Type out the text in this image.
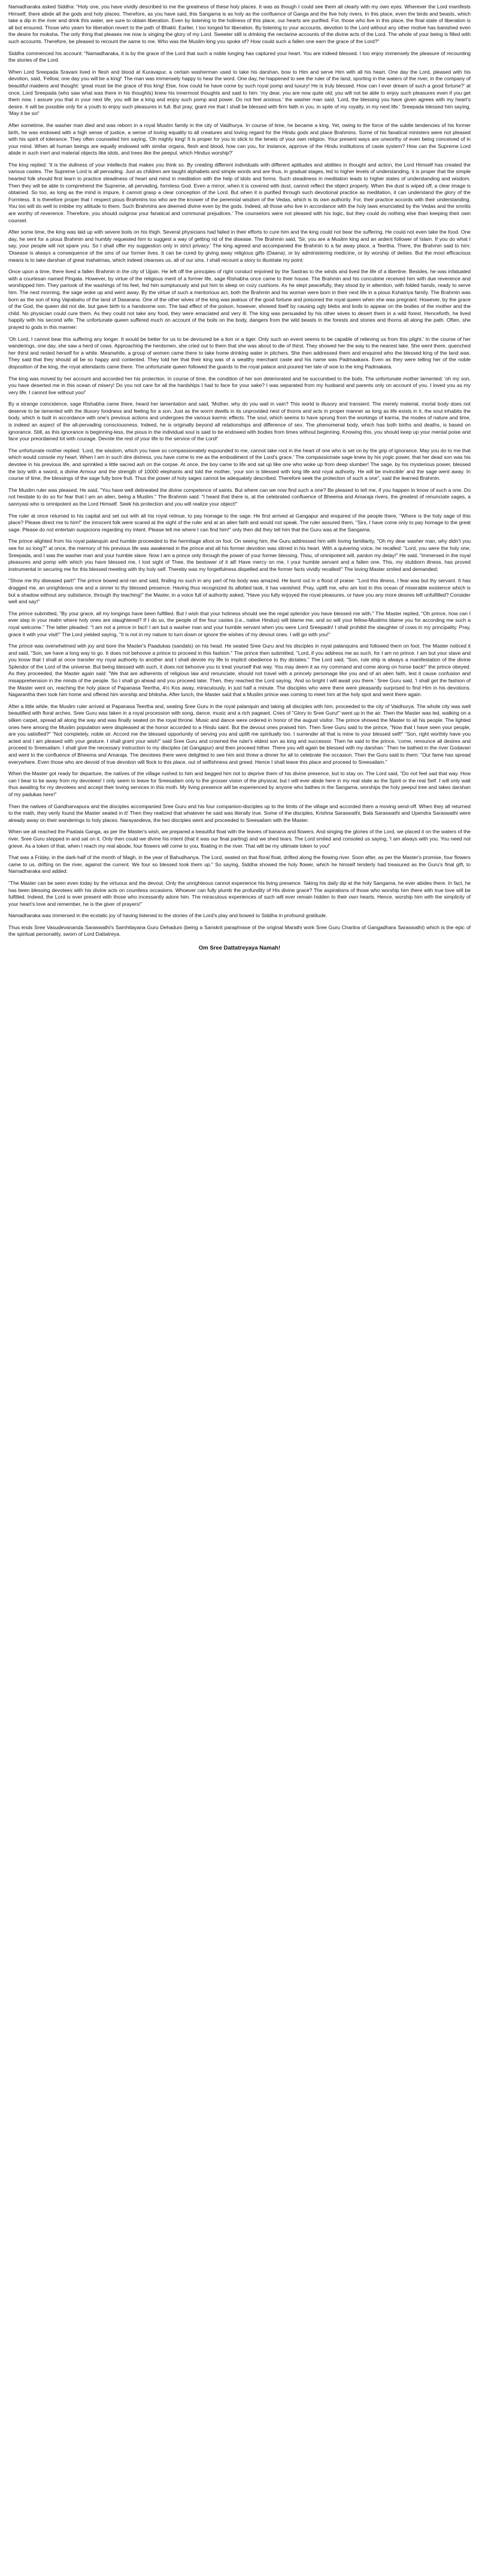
Namadharaka asked Siddha: "Holy one, you have vividly described to me the greatness of these holy places. It was as though I could see them all clearly with my own eyes. Wherever the Lord manifests Himself, there abide all the gods and holy places. Therefore, as you have said, this Sangama is as holy as the confluence of Ganga and the five holy rivers. In this place, even the birds and beasts, which take a dip in the river and drink this water, are sure to obtain liberation. Even by listening to the holiness of this place, our hearts are purified. For, those who live in this place, the final state of liberation is all but ensured. Those who yearn for liberation revert to the path of Bhakti. Earlier, I too longed for liberation. By listening to your accounts, devotion to the Lord without any other motive has banished even the desire for moksha. The only thing that pleases me now is singing the glory of my Lord. Sweeter still is drinking the nectarine accounts of the divine acts of the Lord. The whole of your being is filled with such accounts. Therefore, be pleased to recount the same to me. Who was the Muslim king you spoke of? How could such a fallen one earn the grace of the Lord?"

Siddha commenced his account: "Namadharaka, it is by the grace of the Lord that such a noble longing has captured your heart. You are indeed blessed. I too enjoy immensely the pleasure of recounting the stories of the Lord.

When Lord Sreepada Sravani lived in flesh and blood at Kuravapur, a certain washerman used to take his darshan, bow to Him and serve Him with all his heart. One day the Lord, pleased with his devotion, said, 'Fellow, one day you will be a king!' The man was immensely happy to hear the word. One day, he happened to see the ruler of the land, sporting in the waters of the river, in the company of beautiful maidens and thought: 'great must be the grace of this king! Else, how could he have come by such royal pomp and luxury! He is truly blessed. How can I ever dream of such a good fortune?' at once, Lord Sreepada (who saw what was there in his thoughts) knew his innermost thoughts and said to him: 'my dear, you are now quite old; you will not be able to enjoy such pleasures even if you get them now. I assure you that in your next life, you will be a king and enjoy such pomp and power. Do not feel anxious.' the washer man said, 'Lord, the blessing you have given agrees with my heart's desire. It will be possible only for a youth to enjoy such pleasures in full. But pray, grant me that I shall be blessed with firm faith in you, in spite of my royalty, in my next life.' Sreepada blessed him saying, 'May it be so!'

After sometime, the washer man died and was reborn in a royal Muslim family in the city of Vaidhurya. In course of time, he became a king. Yet, owing to the force of the subtle tendencies of his former birth, he was endowed with a high sense of justice, a sense of loving equality to all creatures and loving regard for the Hindu gods and place Brahmins. Some of his fanatical ministers were not pleased with his spirit of tolerance. They often counseled him saying, 'Oh mighty king! It is proper for you to stick to the tenets of your own religion. Your present ways are unworthy of even being conceived of in your mind. When all human beings are equally endowed with similar organs, flesh and blood, how can you, for instance, approve of the Hindu institutions of caste system? How can the Supreme Lord abide in such inert and material objects like idols, and trees like the peepul, which Hindus worship?'

The king replied: 'It is the dullness of your intellects that makes you think so. By creating different individuals with different aptitudes and abilities in thought and action, the Lord Himself has created the various castes. The Supreme Lord is all pervading. Just as children are taught alphabets and simple words and are thus, in gradual stages, led to higher levels of understanding, it is proper that the simple hearted folk should first learn to practice steadiness of heart and mind in meditation with the help of idols and forms. Such steadiness in meditation leads to higher states of understanding and wisdom. Then they will be able to comprehend the Supreme, all pervading, formless God. Even a mirror, when it is covered with dust, cannot reflect the object properly. When the dust is wiped off, a clear image is obtained. So too, as long as the mind is impure, it cannot grasp a clear conception of the Lord. But when it is purified through such devotional practice as meditation, it can understand the glory of the Formless. It is therefore proper that I respect pious Brahmins too who are the knower of the perennial wisdom of the Vedas, which is its own authority. For, their practice accords with their understanding. You too will do well to imbibe my attitude to them. Such Brahmins are deemed divine even by the gods. Indeed, all those who live in accordance with the holy laws enunciated by the Vedas and the smritis are worthy of reverence. Therefore, you should outgrow your fanatical and communal prejudices.' The counselors were not pleased with his logic, but they could do nothing else than keeping their own counsel.

After some time, the king was laid up with severe boils on his thigh. Several physicians had failed in their efforts to cure him and the king could not bear the suffering. He could not even take the food. One day, he sent for a pious Brahmin and humbly requested him to suggest a way of getting rid of the disease. The Brahmin said, 'Sir, you are a Muslim king and an ardent follower of Islam. If you do what I say, your people will not spare you. So I shall offer my suggestion only in strict privacy.' The king agreed and accompanied the Brahmin to a far away place, a Teertha. There, the Brahmin said to him: 'Disease is always a consequence of the sins of our former lives. It can be cured by giving away religious gifts (Daana), or by administering medicine, or by worship of deities. But the most efficacious means is to take darshan of great mahatmas, which indeed cleanses us, all of our sins. I shall recount a story to illustrate my point:

Once upon a time, there lived a fallen Brahmin in the city of Ujjain. He left off the principles of right conduct enjoined by the Sastras to the winds and lived the life of a libertine. Besides, he was infatuated with a courtesan named Pingala. However, by virtue of the religious merit of a former life, sage Rishabha once came to their house. The Brahmin and his concubine received him with due reverence and worshipped him. They partook of the washings of his feet, fed him sumptuously and put him to sleep on cozy cushions. As he slept peacefully, they stood by in attention, with folded hands, ready to serve him. The next morning, the sage woke up and went away. By the virtue of such a meritorious act, both the Brahmin and his woman were born in their next life in a pious Kshatriya family. The Brahmin was born as the son of king Vajrabahu of the land of Dasarana. One of the other wives of the king was jealous of the good fortune and poisoned the royal queen when she was pregnant. However, by the grace of the God, the queen did not die, but gave birth to a handsome son. The bad effect of the poison, however, showed itself by causing ugly blebs and boils to appear on the bodies of the mother and the child. No physician could cure them. As they could not take any food, they were emaciated and very ill. The king was persuaded by his other wives to desert them in a wild forest. Henceforth, he lived happily with his second wife. The unfortunate queen suffered much on account of the boils on the body, dangers from the wild beasts in the forests and stones and thorns all along the path. Often, she prayed to gods in this manner:

'Oh Lord, I cannot bear this suffering any longer. It would be better for us to be devoured be a lion or a tiger. Only such an event seems to be capable of relieving us from this plight.' In the course of her wanderings, one day, she saw a herd of cows. Approaching the herdsmen, she cried out to them that she was about to die of thirst. They showed her the way to the nearest lake. She went there, quenched her thirst and rested herself for a while. Meanwhile, a group of women came there to take home drinking water in pitchers. She then addressed them and enquired who the blessed king of the land was. They said that they should all be so happy and contented. They told her that their king was of a wealthy merchant caste and his name was Padmaakara. Even as they were telling her of the noble disposition of the king, the royal attendants came there. The unfortunate queen followed the guards to the royal palace and poured her tale of woe to the king Padmakara.

The king was moved by her account and accorded her his protection. In course of time, the condition of her son deteriorated and he succumbed to the boils. The unfortunate mother lamented: 'oh my son, you have deserted me in this ocean of misery! Do you not care for all the hardships I had to face for your sake? I was separated from my husband and parents only on account of you. I loved you as my very life. I cannot live without you!'

By a strange coincidence, sage Rishabha came there, heard her lamentation and said, 'Mother, why do you wail in vain? This world is illusory and transient. The merely material, mortal body does not deserve to be lamented with the illusory fondness and feeling for a son. Just as the worm dwells in its unprovided nest of thorns and acts in proper manner as long as life exists in it, the soul inhabits the body, which is built in accordance with one's previous actions and undergoes the various karmic effects. The soul, which seems to have sprung from the workings of karma, the modes of nature and time, is indeed an aspect of the all-pervading consciousness. Indeed, he is originally beyond all relationships and difference of sex. The phenomenal body, which has both births and deaths, is based on ignorance. Still, as this ignorance is beginning-less, the pious in the individual soul is said to be endowed with bodies from times without beginning. Knowing this, you should keep up your mental poise and face your preordained lot with courage. Devote the rest of your life to the service of the Lord!'

The unfortunate mother replied: 'Lord, the wisdom, which you have so compassionately expounded to me, cannot take root in the heart of one who is set on by the grip of ignorance. May you do to me that which would console my heart. When I am in such dire distress, you have come to me as the embodiment of the Lord's grace.' The compassionate sage knew by his yogic power, that her dead son was his devotee in his previous life, and sprinkled a little sacred ash on the corpse. At once, the boy came to life and sat up like one who woke up from deep slumber! The sage, by his mysterious power, blessed the boy with a sword, a divine Armour and the strength of 10000 elephants and told the mother, 'your son is blessed with long life and royal authority. He will be invincible' and the sage went away. In course of time, the blessings of the sage fully bore fruit. Thus the power of holy sages cannot be adequately described. Therefore seek the protection of such a one", said the learned Brahmin.

The Muslim ruler was pleased. He said, "You have well delineated the divine competence of saints. But where can we now find such a one? Be pleased to tell me, if you happen to know of such a one. Do not hesitate to do so for fear that I am an alien, being a Muslim." The Brahmin said: "I heard that there is, at the celebrated confluence of Bheema and Amaraja rivers, the greatest of renunciate sages, a sannyasi who is omnipotent as the Lord Himself. Seek his protection and you will realize your object!"

The ruler at once returned to his capital and set out with all his royal retinue, to pay homage to the sage. He first arrived at Gangapur and enquired of the people there, "Where is the holy sage of this place? Please direct me to him!" the innocent folk were scared at the sight of the ruler and at an alien faith and would not speak. The ruler assured them, "Sirs, I have come only to pay homage to the great sage. Please do not entertain suspicions regarding my intent. Please tell me where I can find him!" only then did they tell him that the Guru was at the Sangama.

The prince alighted from his royal palanquin and humble proceeded to the hermitage afoot on foot. On seeing him, the Guru addressed him with loving familiarity, "Oh my dear washer man, why didn't you see for so long?" at once, the memory of his previous life was awakened in the prince and all his former devotion was stirred in his heart. With a quivering voice, he recalled: "Lord, you were the holy one, Sreepada, and I was the washer man and your humble slave. Now I am a prince only through the power of your former blessing. Thou, of omnipotent will, pardon my delay!" He said, "Immersed in the royal pleasures and pomp with which you have blessed me, I lost sight of Thee, the bestower of it all! Have mercy on me, I your humble servant and a fallen one. This, my stubborn illness, has proved instrumental in securing me for this blessed meeting with thy holy self. Thereby was my forgetfulness dispelled and the former facts vividly recalled!" The loving Master smiled and demanded;

"Show me thy diseased part!" The prince bowed and ran and said, finding no such in any part of his body was amazed. He burst out in a flood of praise: "Lord this illness, I fear was but thy servant. It has dragged me, an unrighteous one and a sinner to thy blessed presence. Having thus recognized its allotted task, it has vanished. Pray, uplift me, who am lost in this ocean of miserable existence which is but a shadow without any substance, through thy teaching!" the Master, in a voice full of authority asked, "Have you fully enjoyed the royal pleasures, or have you any more desires left unfulfilled? Consider well and say!"

The prince submitted, "By your grace, all my longings have been fulfilled. But I wish that your holiness should see the regal splendor you have blessed me with." The Master replied, "Oh prince, how can I ever step in your realm where holy ones are slaughtered? If I do so, the people of the four castes (i.e., native Hindus) will blame me, and so will your fellow-Muslims blame you for according me such a royal welcome." The latter pleaded: "I am not a prince in fact! I am but a washer man and your humble servant when you were Lord Sreepadn! I shall prohibit the slaughter of cows in my principality. Pray, grace it with your visit!" The Lord yielded saying, "It is not in my nature to turn down or ignore the wishes of my devout ones. I will go with you!"

The prince was overwhelmed with joy and bore the Master's Paadukas (sandals) on his head. He seated Sree Guru and his disciples in royal palanquins and followed them on foot. The Master noticed it and said, "Son, we have a long way to go. It does not behoove a prince to proceed in this fashion." The prince then submitted, "Lord, if you address me as such, for I am no prince. I am but your slave and you know that I shall at once transfer my royal authority to another and I shall devote my life to implicit obedience to thy dictates." The Lord said, "Son, rule ship is always a manifestation of the divine Splendor of the Lord of the universe. But being blessed with such, it does not behoove you to treat yourself that way. You may deem it as my command and come along on horse back!" the prince obeyed. As they proceeded, the Master again said: "We that are adherents of religious law and renunciate, should not travel with a princely personage like you and of an alien faith, lest it cause confusion and misapprehension in the minds of the people. So I shall go ahead and you proceed later. Then, they reached the Lord saying, 'And so bright I will await you there.' Sree Guru said, 'I shall get the fashion of the Master went on, reaching the holy place of Papanasa Teertha, 4½ Kos away, miraculously, in just half a minute. The disciples who were there were pleasantly surprised to find Him in his devotions. Nagarantha then took him home and offered him worship and bhiksha. After lunch, the Master said that a Muslim prince was coming to meet him at the holy spot and went there again.

After a little while, the Muslim ruler arrived at Papanasa Teertha and, seating Sree Guru in the royal palanquin and taking all disciples with him, proceeded to the city of Vaidhurya. The whole city was well beautified with floral arches. Sree Guru was taken in a royal procession with song, dance, music and a rich pageant. Cries of "Glory to Sree Guru!" went up in the air. Then the Master was led, walking on a silken carpet, spread all along the way and was finally seated on the royal throne. Music and dance were ordered in honor of the august visitor. The prince showed the Master to all his people. The lighted ones here among the Muslim population were displeased at the honor accorded to a Hindu saint. But the devout ones praised him. Then Sree Guru said to the prince, "Now that I have seen your people, are you satisfied?" "Not completely, noble sir. Accord me the blessed opportunity of serving you and uplift me spiritually too. I surrender all that is mine to your blessed self!" "Son, right worthily have you acted and I am pleased with your gesture. I shall grant your wish!" said Sree Guru and crowned the ruler's eldest son as king and successor. Then he said to the prince, 'come, renounce all desires and proceed to Sreesailam. I shall give the necessary instruction to my disciples (at Gangapur) and then proceed hither. There you will again be blessed with my darshan.' Then he bathed in the river Godavari and went to the confluence of Bheema and Amaraja. The devotees there were delighted to see him and threw a dinner for all to celebrate the occasion. Then the Guru said to them: "Our fame has spread everywhere. Even those who are devoid of true devotion will flock to this place, out of selfishness and greed. Hence I shall leave this place and proceed to Sreesailam."

When the Master got ready for departure, the natives of the village rushed to him and begged him not to deprive them of his divine presence, but to stay on. The Lord said, "Do not feel sad that way. How can I bear to be away from my devotees! I only seem to leave for Sreesailam only to the grosser vision of the physical, but I will ever abide here in my real state as the Spirit or the real Self. I will only wait thus awaiting for my devotees and accept their loving services in this moth. My living presence will be experienced by anyone who bathes in the Sangama, worships the holy peepul tree and takes darshan of my padukas here!"

Then the natives of Gandharvapura and the disciples accompanied Sree Guru and his four companion-disciples up to the limits of the village and accorded them a moving send-off. When they all returned to the math, they verily found the Master seated in it! Then they realized that whatever he said was literally true. Some of the disciples, Krishna Saraswathi, Bala Saraswathi and Upendra Saraswathi were already away on their wanderings to holy places. Narayandeva, the two disciples went and proceeded to Sreesailam with the Master.

When we all reached the Paatala Ganga, as per the Master's wish, we prepared a beautiful float with the leaves of banana and flowers. And singing the glories of the Lord, we placed it on the waters of the river. Sree Guru stepped in and sat on it. Only then could we divine his intent (that it was our final parting) and we shed tears. The Lord smiled and consoled us saying, 'I am always with you. You need not grieve. As a token of that, when I reach my real abode, four flowers will come to you, floating in the river. That will be my ultimate token to you!'

That was a Friday, in the dark-half of the month of Magh, in the year of Bahudhanya. The Lord, seated on that floral float, drifted along the flowing river. Soon after, as per the Master's promise, four flowers came to us, drifting on the river, against the current. We four so blessed took them up." So saying, Siddha showed the holy flower, which he himself tenderly had treasured as the Guru's final gift, to Namadharaka and added:

"The Master can be seen even today by the virtuous and the devout. Only the unrighteous cannot experience his living presence. Taking his daily dip at the holy Sangama, he ever abides there. In fact, he has been blessing devotees with his divine acts on countless occasions. Whoever can fully plumb the profundity of His divine grace? The aspirations of those who worship him there with true love will be fulfilled. Indeed, the Lord is ever present with those who incessantly adore him. The miraculous experiences of such will ever remain hidden to their own hearts. Hence, worship him with the simplicity of your heart's love and remember, he is the giver of prayers!"

Namadharaka was immersed in the ecstatic joy of having listened to the stories of the Lord's play and bowed to Siddha in profound gratitude.

Thus ends Sree Vasudevananda Saraswathi's Samhitayana Guru Dehaduni (being a Sanskrit paraphrase of the original Marathi work Sree Guru Charitra of Gangadhara Saraswathi) which is the epic of the spiritual personality, sworn of Lord Dattatreya.

Om Sree Dattatreyaya Namah!
